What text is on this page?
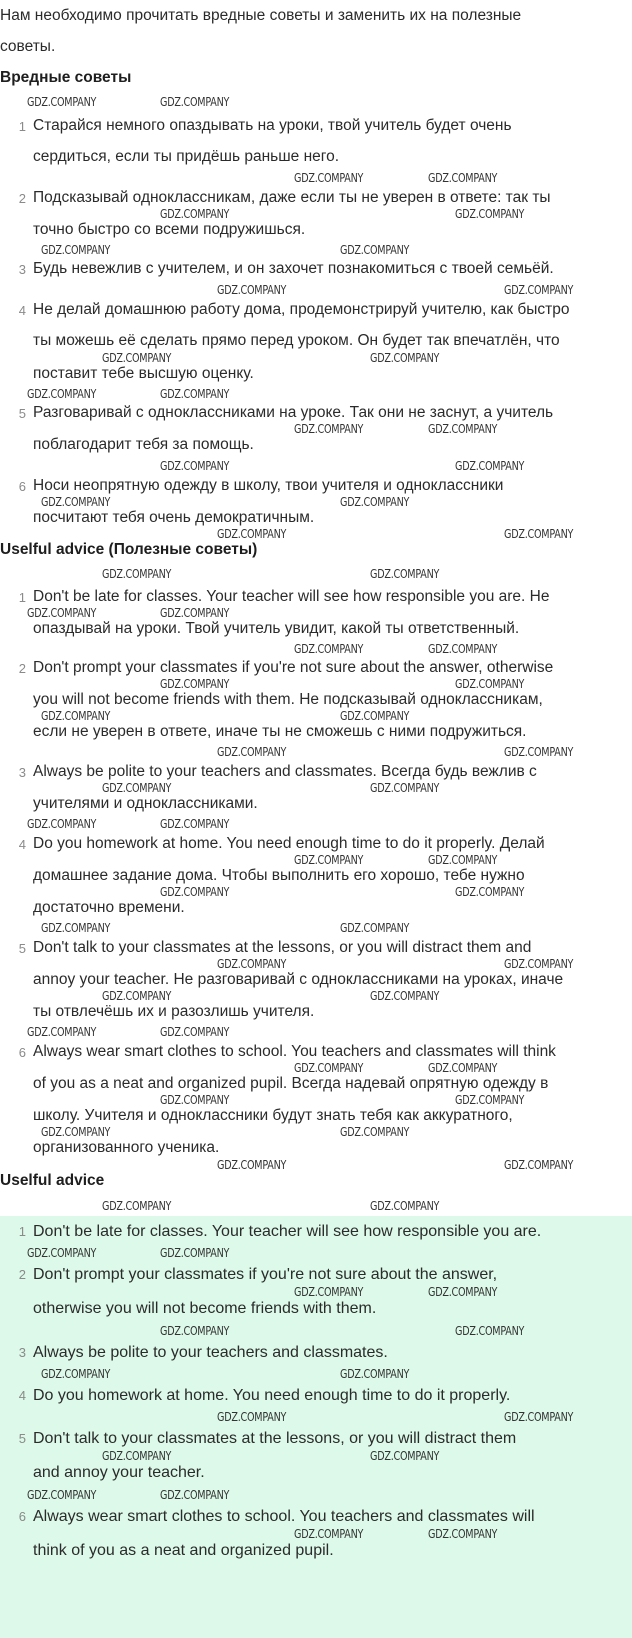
Нам необходимо прочитать вредные советы и заменить их на полезные
советы.
Вредные советы
Uselful advice (Полезные советы)
Uselful advice
1 Старайся немного опаздывать на уроки, твой учитель будет очень
сердиться, если ты придёшь раньше него.
2 Подсказывай одноклассникам, даже если ты не уверен в ответе: так ты
точно быстро со всеми подружишься.
3 Будь невежлив с учителем, и он захочет познакомиться с твоей семьёй.
4 Не делай домашнюю работу дома, продемонстрируй учителю, как быстро
ты можешь её сделать прямо перед уроком. Он будет так впечатлён, что
поставит тебе высшую оценку.
5 Разговаривай с одноклассниками на уроке. Так они не заснут, а учитель
поблагодарит тебя за помощь.
6 Носи неопрятную одежду в школу, твои учителя и одноклассники
посчитают тебя очень демократичным.
1 Don't be late for classes. Your teacher will see how responsible you are. Не
опаздывай на уроки. Твой учитель увидит, какой ты ответственный.
2 Don't prompt your classmates if you're not sure about the answer, otherwise
you will not become friends with them. Не подсказывай одноклассникам,
если не уверен в ответе, иначе ты не сможешь с ними подружиться.
3 Always be polite to your teachers and classmates. Всегда будь вежлив с
учителями и одноклассниками.
4 Do you homework at home. You need enough time to do it properly. Делай
домашнее задание дома. Чтобы выполнить его хорошо, тебе нужно
достаточно времени.
5 Don't talk to your classmates at the lessons, or you will distract them and
annoy your teacher. Не разговаривай с одноклассниками на уроках, иначе
ты отвлечёшь их и разозлишь учителя.
6 Always wear smart clothes to school. You teachers and classmates will think
of you as a neat and organized pupil. Всегда надевай опрятную одежду в
школу. Учителя и одноклассники будут знать тебя как аккуратного,
организованного ученика.
1 Don't be late for classes. Your teacher will see how responsible you are.
2 Don't prompt your classmates if you're not sure about the answer,
otherwise you will not become friends with them.
3 Always be polite to your teachers and classmates.
4 Do you homework at home. You need enough time to do it properly.
5 Don't talk to your classmates at the lessons, or you will distract them
and annoy your teacher.
6 Always wear smart clothes to school. You teachers and classmates will
think of you as a neat and organized pupil.
GDZ.COMPANY	GDZ.COMPANY
GDZ.COMPANY	GDZ.COMPANY
GDZ.COMPANY	GDZ.COMPANY
GDZ.COMPANY	GDZ.COMPANY
GDZ.COMPANY	GDZ.COMPANY
GDZ.COMPANY	GDZ.COMPANY
GDZ.COMPANY	GDZ.COMPANY
GDZ.COMPANY	GDZ.COMPANY
GDZ.COMPANY	GDZ.COMPANY
GDZ.COMPANY	GDZ.COMPANY
GDZ.COMPANY	GDZ.COMPANY
GDZ.COMPANY	GDZ.COMPANY
GDZ.COMPANY	GDZ.COMPANY
GDZ.COMPANY	GDZ.COMPANY
GDZ.COMPANY	GDZ.COMPANY
GDZ.COMPANY	GDZ.COMPANY
GDZ.COMPANY	GDZ.COMPANY
GDZ.COMPANY	GDZ.COMPANY
GDZ.COMPANY	GDZ.COMPANY
GDZ.COMPANY	GDZ.COMPANY
GDZ.COMPANY	GDZ.COMPANY
GDZ.COMPANY	GDZ.COMPANY
GDZ.COMPANY	GDZ.COMPANY
GDZ.COMPANY	GDZ.COMPANY
GDZ.COMPANY	GDZ.COMPANY
GDZ.COMPANY	GDZ.COMPANY
GDZ.COMPANY	GDZ.COMPANY
GDZ.COMPANY	GDZ.COMPANY
GDZ.COMPANY	GDZ.COMPANY
GDZ.COMPANY	GDZ.COMPANY
GDZ.COMPANY	GDZ.COMPANY
GDZ.COMPANY	GDZ.COMPANY
GDZ.COMPANY	GDZ.COMPANY
GDZ.COMPANY	GDZ.COMPANY
GDZ.COMPANY	GDZ.COMPANY
GDZ.COMPANY	GDZ.COMPANY
GDZ.COMPANY	GDZ.COMPANY
GDZ.COMPANY	GDZ.COMPANY
